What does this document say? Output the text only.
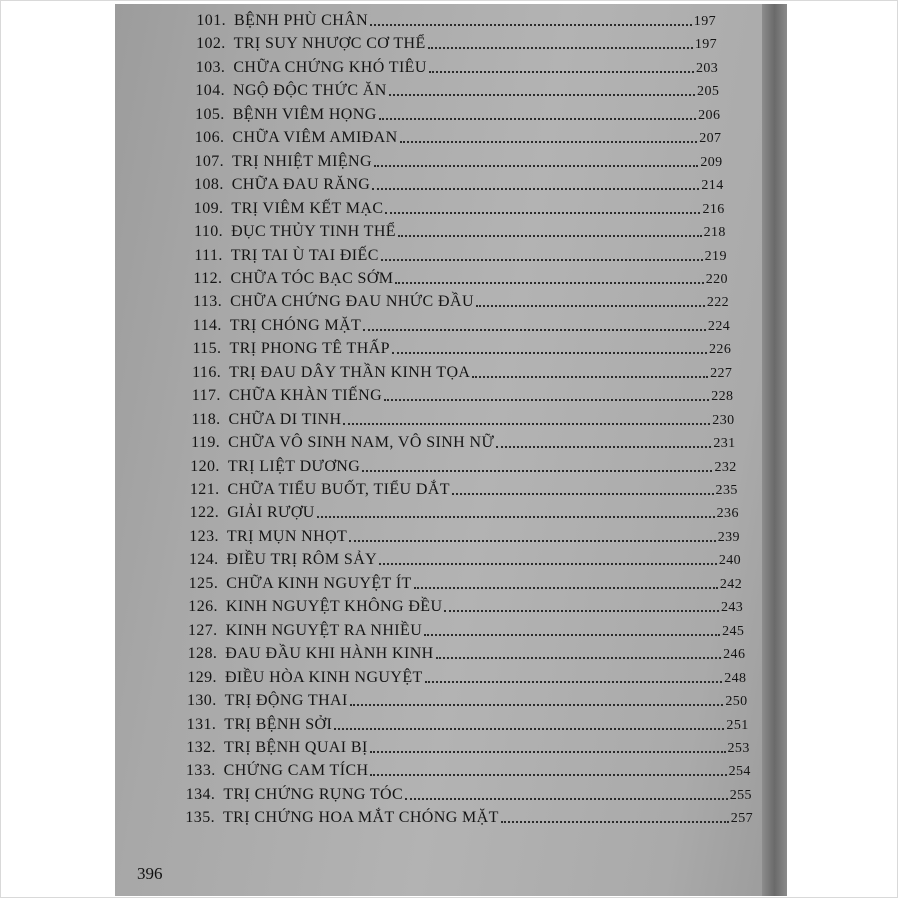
101. BỆNH PHÙ CHÂN	197
102. TRỊ SUY NHƯỢC CƠ THỂ	197
103. CHỮA CHỨNG KHÓ TIÊU	203
104. NGỘ ĐỘC THỨC ĂN	205
105. BỆNH VIÊM HỌNG	206
106. CHỮA VIÊM AMIĐAN	207
107. TRỊ NHIỆT MIỆNG	209
108. CHỮA ĐAU RĂNG	214
109. TRỊ VIÊM KẾT MẠC	216
110. ĐỤC THỦY TINH THỂ	218
111. TRỊ TAI Ù TAI ĐIẾC	219
112. CHỮA TÓC BẠC SỚM	220
113. CHỮA CHỨNG ĐAU NHỨC ĐẦU	222
114. TRỊ CHÓNG MẶT	224
115. TRỊ PHONG TÊ THẤP	226
116. TRỊ ĐAU DÂY THẦN KINH TỌA	227
117. CHỮA KHÀN TIẾNG	228
118. CHỮA DI TINH	230
119. CHỮA VÔ SINH NAM, VÔ SINH NỮ	231
120. TRỊ LIỆT DƯƠNG	232
121. CHỮA TIỂU BUỐT, TIỂU DẮT	235
122. GIẢI RƯỢU	236
123. TRỊ MỤN NHỌT	239
124. ĐIỀU TRỊ RÔM SẢY	240
125. CHỮA KINH NGUYỆT ÍT	242
126. KINH NGUYỆT KHÔNG ĐỀU	243
127. KINH NGUYỆT RA NHIỀU	245
128. ĐAU ĐẦU KHI HÀNH KINH	246
129. ĐIỀU HÒA KINH NGUYỆT	248
130. TRỊ ĐỘNG THAI	250
131. TRỊ BỆNH SỞI	251
132. TRỊ BỆNH QUAI BỊ	253
133. CHỨNG CAM TÍCH	254
134. TRỊ CHỨNG RỤNG TÓC	255
135. TRỊ CHỨNG HOA MẮT CHÓNG MẶT	257
396
